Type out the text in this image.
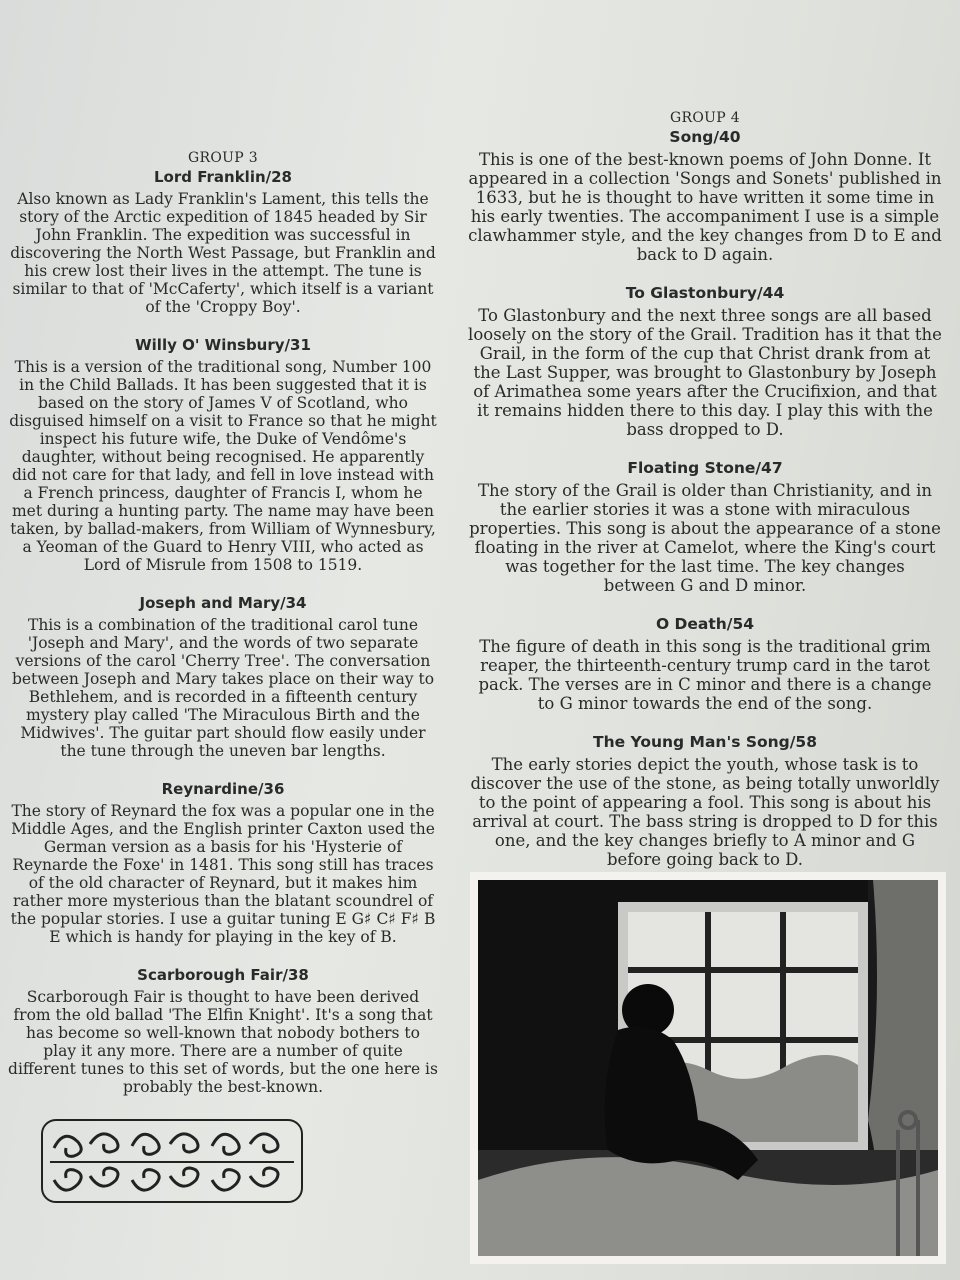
GROUP 3
Lord Franklin/28

Also known as Lady Franklin's Lament, this tells the story of the Arctic expedition of 1845 headed by Sir John Franklin. The expedition was successful in discovering the North West Passage, but Franklin and his crew lost their lives in the attempt. The tune is similar to that of 'McCaferty', which itself is a variant of the 'Croppy Boy'.

Willy O' Winsbury/31

This is a version of the traditional song, Number 100 in the Child Ballads. It has been suggested that it is based on the story of James V of Scotland, who disguised himself on a visit to France so that he might inspect his future wife, the Duke of Vendôme's daughter, without being recognised. He apparently did not care for that lady, and fell in love instead with a French princess, daughter of Francis I, whom he met during a hunting party. The name may have been taken, by ballad-makers, from William of Wynnesbury, a Yeoman of the Guard to Henry VIII, who acted as Lord of Misrule from 1508 to 1519.

Joseph and Mary/34

This is a combination of the traditional carol tune 'Joseph and Mary', and the words of two separate versions of the carol 'Cherry Tree'. The conversation between Joseph and Mary takes place on their way to Bethlehem, and is recorded in a fifteenth century mystery play called 'The Miraculous Birth and the Midwives'. The guitar part should flow easily under the tune through the uneven bar lengths.

Reynardine/36

The story of Reynard the fox was a popular one in the Middle Ages, and the English printer Caxton used the German version as a basis for his 'Hysterie of Reynarde the Foxe' in 1481. This song still has traces of the old character of Reynard, but it makes him rather more mysterious than the blatant scoundrel of the popular stories. I use a guitar tuning E G♯ C♯ F♯ B E which is handy for playing in the key of B.

Scarborough Fair/38

Scarborough Fair is thought to have been derived from the old ballad 'The Elfin Knight'. It's a song that has become so well-known that nobody bothers to play it any more. There are a number of quite different tunes to this set of words, but the one here is probably the best-known.

GROUP 4
Song/40

This is one of the best-known poems of John Donne. It appeared in a collection 'Songs and Sonets' published in 1633, but he is thought to have written it some time in his early twenties. The accompaniment I use is a simple clawhammer style, and the key changes from D to E and back to D again.

To Glastonbury/44

To Glastonbury and the next three songs are all based loosely on the story of the Grail. Tradition has it that the Grail, in the form of the cup that Christ drank from at the Last Supper, was brought to Glastonbury by Joseph of Arimathea some years after the Crucifixion, and that it remains hidden there to this day. I play this with the bass dropped to D.

Floating Stone/47

The story of the Grail is older than Christianity, and in the earlier stories it was a stone with miraculous properties. This song is about the appearance of a stone floating in the river at Camelot, where the King's court was together for the last time. The key changes between G and D minor.

O Death/54

The figure of death in this song is the traditional grim reaper, the thirteenth-century trump card in the tarot pack. The verses are in C minor and there is a change to G minor towards the end of the song.

The Young Man's Song/58

The early stories depict the youth, whose task is to discover the use of the stone, as being totally unworldly to the point of appearing a fool. This song is about his arrival at court. The bass string is dropped to D for this one, and the key changes briefly to A minor and G before going back to D.
